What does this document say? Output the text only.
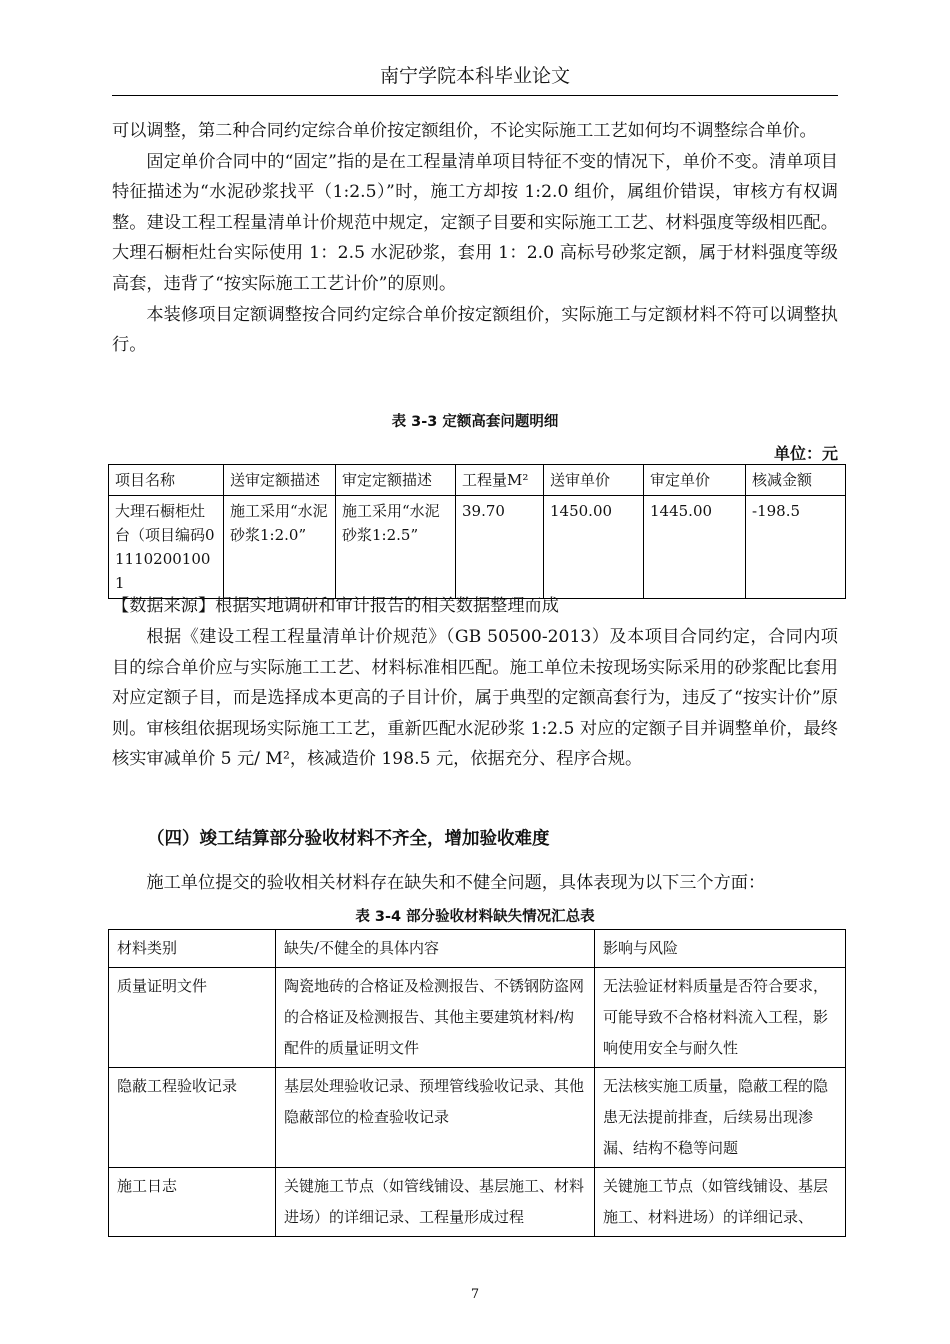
南宁学院本科毕业论文

可以调整，第二种合同约定综合单价按定额组价，不论实际施工工艺如何均不调整综合单价。

固定单价合同中的“固定”指的是在工程量清单项目特征不变的情况下，单价不变。清单项目特征描述为“水泥砂浆找平（1:2.5）”时，施工方却按 1:2.0 组价，属组价错误，审核方有权调整。建设工程工程量清单计价规范中规定，定额子目要和实际施工工艺、材料强度等级相匹配。大理石橱柜灶台实际使用 1：2.5 水泥砂浆，套用 1：2.0 高标号砂浆定额，属于材料强度等级高套，违背了“按实际施工工艺计价”的原则。

本装修项目定额调整按合同约定综合单价按定额组价，实际施工与定额材料不符可以调整执行。

表 3-3 定额高套问题明细
单位：元
项目名称	送审定额描述	审定定额描述	工程量M²	送审单价	审定单价	核减金额
大理石橱柜灶台（项目编码011102001001	施工采用“水泥砂浆1:2.0”	施工采用“水泥砂浆1:2.5”	39.70	1450.00	1445.00	-198.5
【数据来源】根据实地调研和审计报告的相关数据整理而成

根据《建设工程工程量清单计价规范》（GB 50500-2013）及本项目合同约定，合同内项目的综合单价应与实际施工工艺、材料标准相匹配。施工单位未按现场实际采用的砂浆配比套用对应定额子目，而是选择成本更高的子目计价，属于典型的定额高套行为，违反了“按实计价”原则。审核组依据现场实际施工工艺，重新匹配水泥砂浆 1:2.5 对应的定额子目并调整单价，最终核实审减单价 5 元/ M²，核减造价 198.5 元，依据充分、程序合规。

（四）竣工结算部分验收材料不齐全，增加验收难度

施工单位提交的验收相关材料存在缺失和不健全问题，具体表现为以下三个方面：

表 3-4 部分验收材料缺失情况汇总表
材料类别	缺失/不健全的具体内容	影响与风险
质量证明文件	陶瓷地砖的合格证及检测报告、不锈钢防盗网的合格证及检测报告、其他主要建筑材料/构配件的质量证明文件	无法验证材料质量是否符合要求，可能导致不合格材料流入工程，影响使用安全与耐久性
隐蔽工程验收记录	基层处理验收记录、预埋管线验收记录、其他隐蔽部位的检查验收记录	无法核实施工质量，隐蔽工程的隐患无法提前排查，后续易出现渗漏、结构不稳等问题
施工日志	关键施工节点（如管线铺设、基层施工、材料进场）的详细记录、工程量形成过程	关键施工节点（如管线铺设、基层施工、材料进场）的详细记录、
7
